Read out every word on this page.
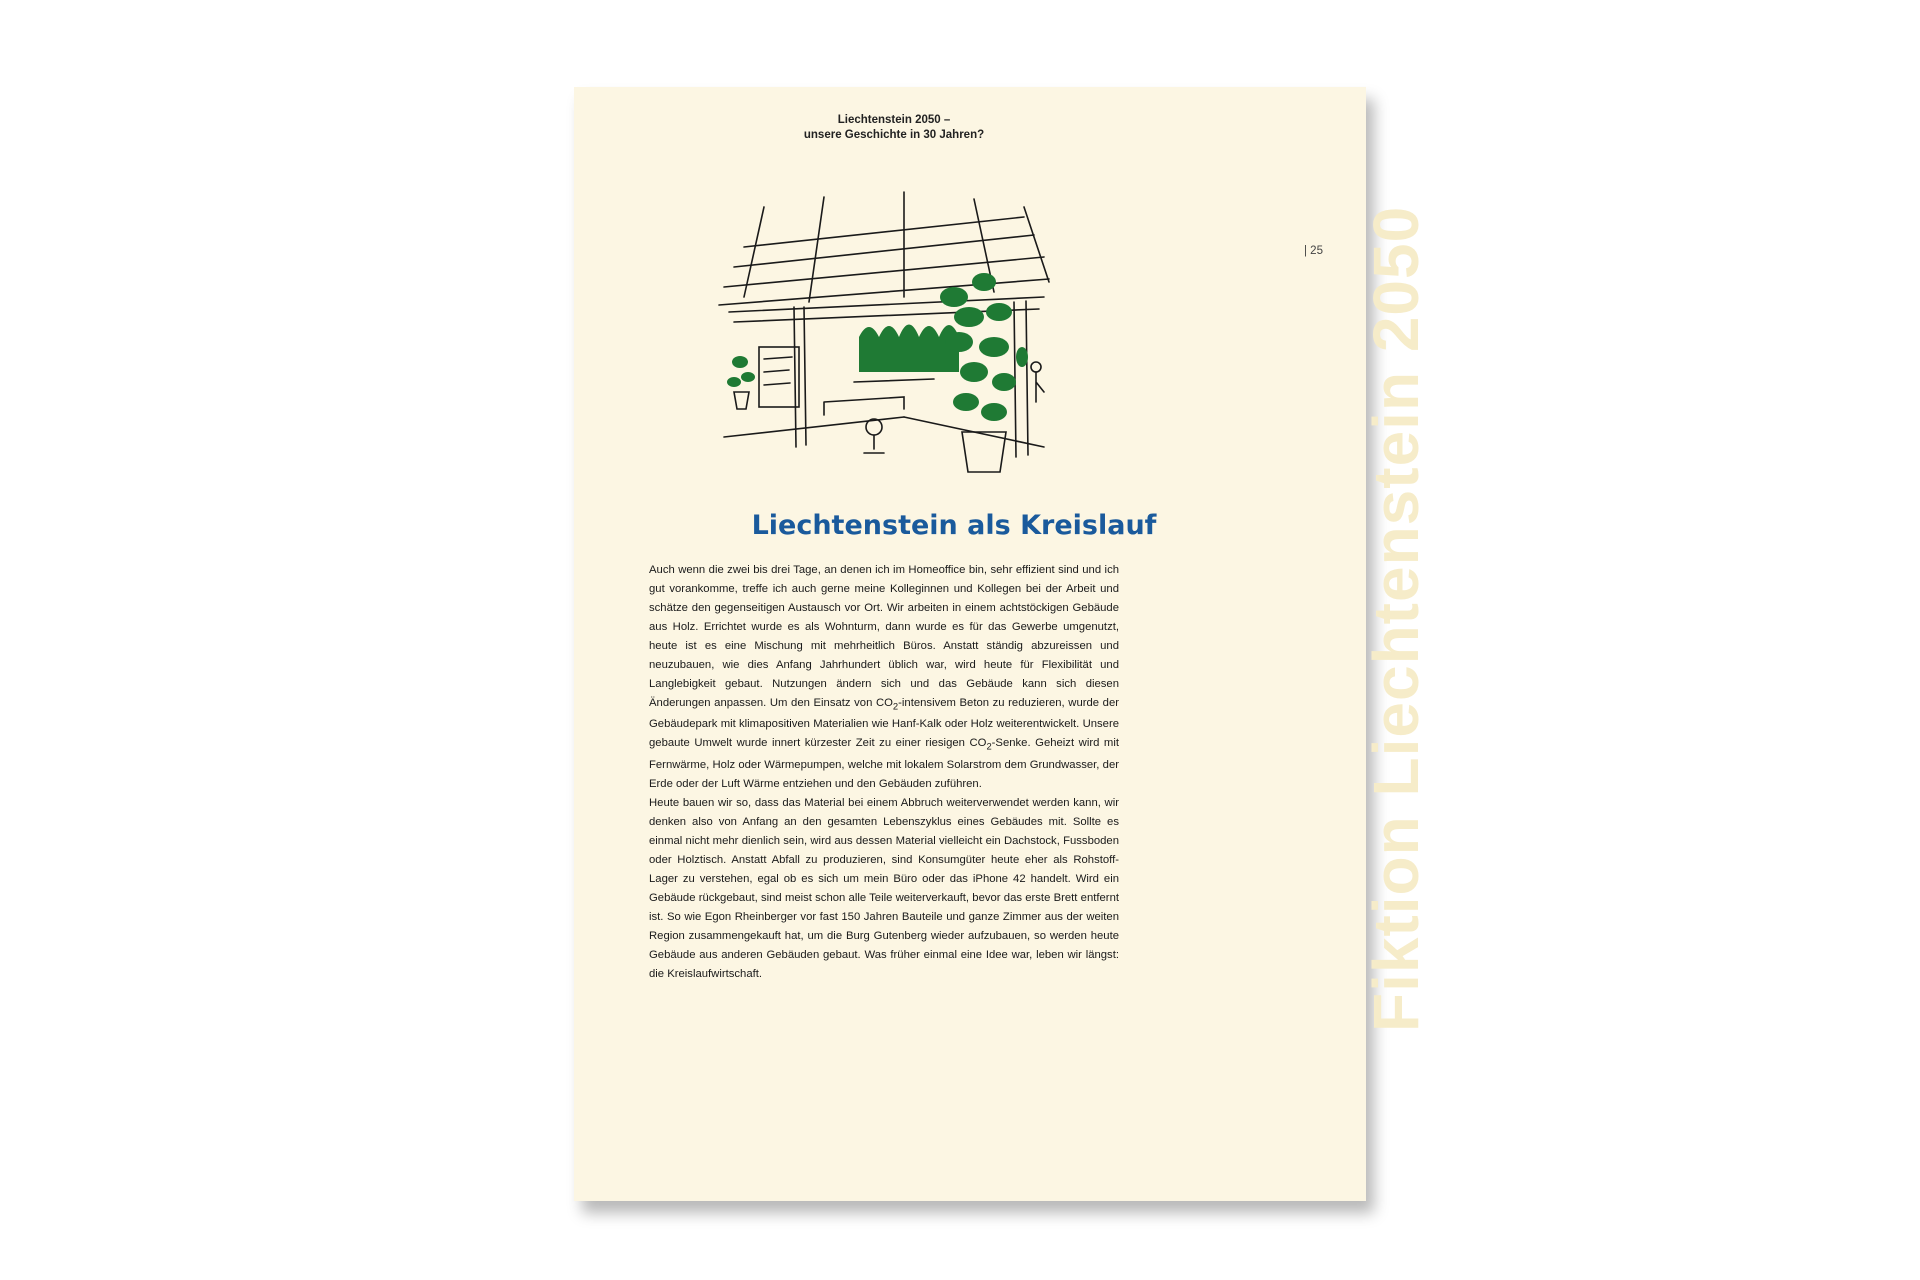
Liechtenstein 2050 –
unsere Geschichte in 30 Jahren?
| 25 Fiktion Liechtenstein 2050
Liechtenstein als Kreislauf

Auch wenn die zwei bis drei Tage, an denen ich im Homeoffice bin, sehr effizient sind und ich gut vorankomme, treffe ich auch gerne meine Kolleginnen und Kollegen bei der Arbeit und schätze den gegenseitigen Austausch vor Ort. Wir arbeiten in einem achtstöckigen Gebäude aus Holz. Errichtet wurde es als Wohnturm, dann wurde es für das Gewerbe umgenutzt, heute ist es eine Mischung mit mehrheitlich Büros. Anstatt ständig abzureissen und neuzubauen, wie dies Anfang Jahrhundert üblich war, wird heute für Flexibilität und Langlebigkeit gebaut. Nutzungen ändern sich und das Gebäude kann sich diesen Änderungen anpassen. Um den Einsatz von $CO_2$-intensivem Beton zu reduzieren, wurde der Gebäudepark mit klimapositiven Materialien wie Hanf-Kalk oder Holz weiterentwickelt. Unsere gebaute Umwelt wurde innert kürzester Zeit zu einer riesigen $CO_2$-Senke. Geheizt wird mit Fernwärme, Holz oder Wärmepumpen, welche mit lokalem Solarstrom dem Grundwasser, der Erde oder der Luft Wärme entziehen und den Gebäuden zuführen.

Heute bauen wir so, dass das Material bei einem Abbruch weiterverwendet werden kann, wir denken also von Anfang an den gesamten Lebenszyklus eines Gebäudes mit. Sollte es einmal nicht mehr dienlich sein, wird aus dessen Material vielleicht ein Dachstock, Fussboden oder Holztisch. Anstatt Abfall zu produzieren, sind Konsumgüter heute eher als Rohstoff-Lager zu verstehen, egal ob es sich um mein Büro oder das iPhone 42 handelt. Wird ein Gebäude rückgebaut, sind meist schon alle Teile weiterverkauft, bevor das erste Brett entfernt ist. So wie Egon Rheinberger vor fast 150 Jahren Bauteile und ganze Zimmer aus der weiten Region zusammengekauft hat, um die Burg Gutenberg wieder aufzubauen, so werden heute Gebäude aus anderen Gebäuden gebaut. Was früher einmal eine Idee war, leben wir längst: die Kreislaufwirtschaft.
